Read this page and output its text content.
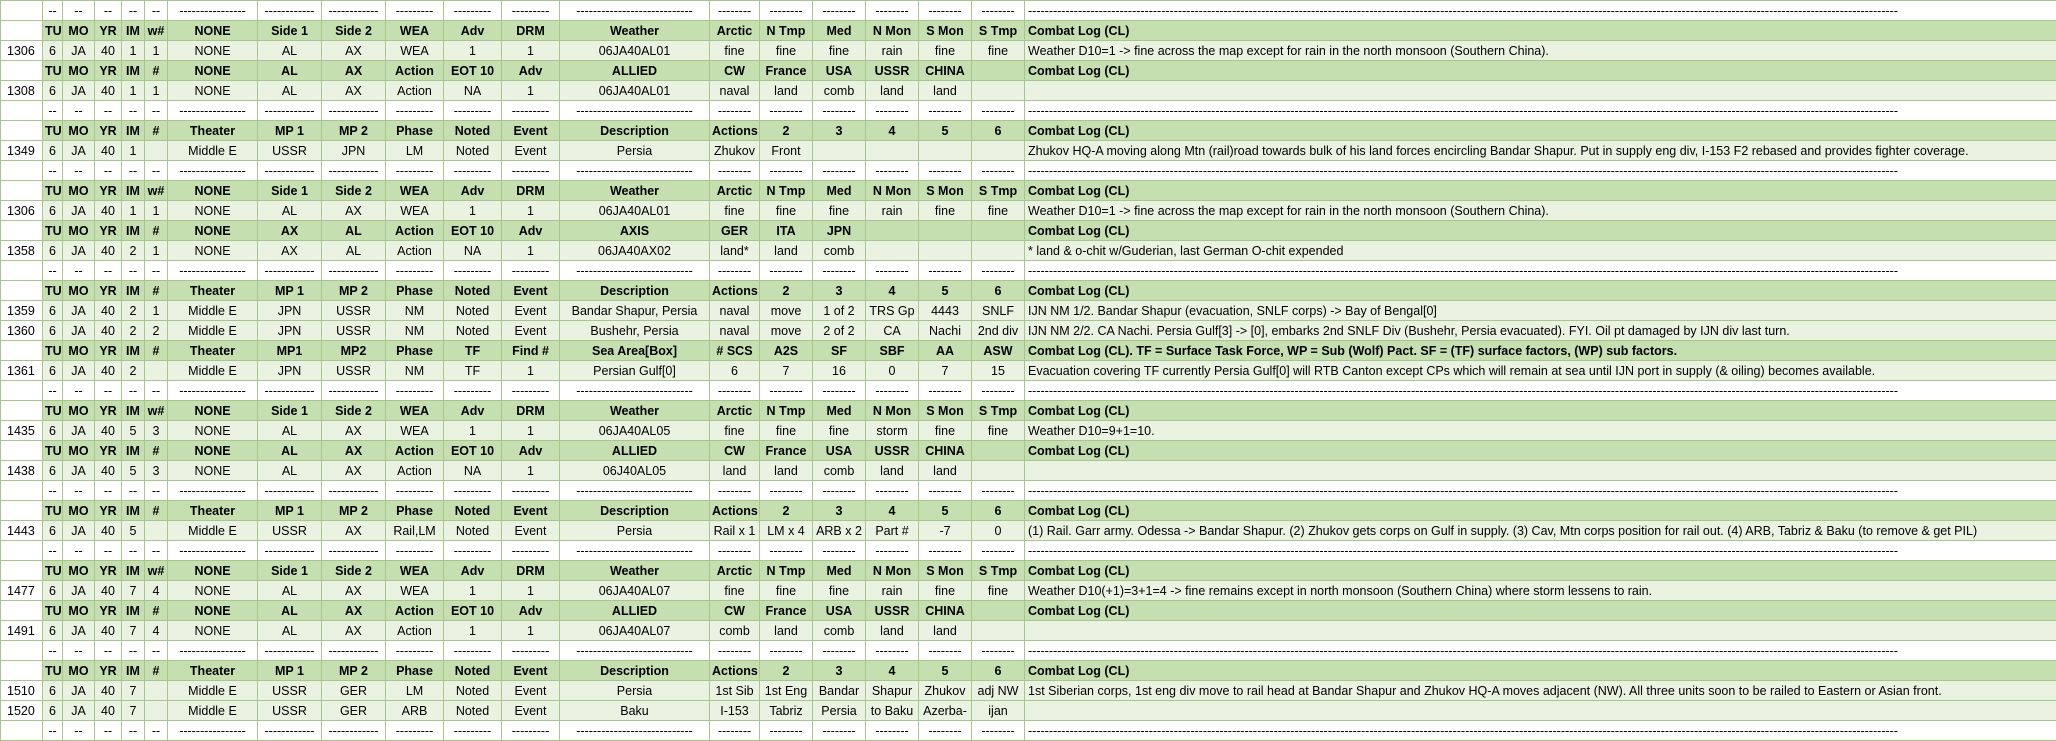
	--	--	--	--	--	----------------	------------	------------	---------	---------	---------	----------------------------	--------	--------	--------	--------	--------	--------	-----------------------------------------------------------------------------------------------------------------------------------------------------------------------------------------------------------------
	TU	MO	YR	IM	w#	NONE	Side 1	Side 2	WEA	Adv	DRM	Weather	Arctic	N Tmp	Med	N Mon	S Mon	S Tmp	Combat Log (CL)
1306	6	JA	40	1	1	NONE	AL	AX	WEA	1	1	06JA40AL01	fine	fine	fine	rain	fine	fine	Weather D10=1 -> fine across the map except for rain in the north monsoon (Southern China).
	TU	MO	YR	IM	#	NONE	AL	AX	Action	EOT 10	Adv	ALLIED	CW	France	USA	USSR	CHINA		Combat Log (CL)
1308	6	JA	40	1	1	NONE	AL	AX	Action	NA	1	06JA40AL01	naval	land	comb	land	land		
	--	--	--	--	--	----------------	------------	------------	---------	---------	---------	----------------------------	--------	--------	--------	--------	--------	--------	-----------------------------------------------------------------------------------------------------------------------------------------------------------------------------------------------------------------
	TU	MO	YR	IM	#	Theater	MP 1	MP 2	Phase	Noted	Event	Description	Actions	2	3	4	5	6	Combat Log (CL)
1349	6	JA	40	1		Middle E	USSR	JPN	LM	Noted	Event	Persia	Zhukov	Front					Zhukov HQ-A moving along Mtn (rail)road towards bulk of his land forces encircling Bandar Shapur. Put in supply eng div, I-153 F2 rebased and provides fighter coverage.
	--	--	--	--	--	----------------	------------	------------	---------	---------	---------	----------------------------	--------	--------	--------	--------	--------	--------	-----------------------------------------------------------------------------------------------------------------------------------------------------------------------------------------------------------------
	TU	MO	YR	IM	w#	NONE	Side 1	Side 2	WEA	Adv	DRM	Weather	Arctic	N Tmp	Med	N Mon	S Mon	S Tmp	Combat Log (CL)
1306	6	JA	40	1	1	NONE	AL	AX	WEA	1	1	06JA40AL01	fine	fine	fine	rain	fine	fine	Weather D10=1 -> fine across the map except for rain in the north monsoon (Southern China).
	TU	MO	YR	IM	#	NONE	AX	AL	Action	EOT 10	Adv	AXIS	GER	ITA	JPN				Combat Log (CL)
1358	6	JA	40	2	1	NONE	AX	AL	Action	NA	1	06JA40AX02	land*	land	comb				* land & o-chit w/Guderian, last German O-chit expended
	--	--	--	--	--	----------------	------------	------------	---------	---------	---------	----------------------------	--------	--------	--------	--------	--------	--------	-----------------------------------------------------------------------------------------------------------------------------------------------------------------------------------------------------------------
	TU	MO	YR	IM	#	Theater	MP 1	MP 2	Phase	Noted	Event	Description	Actions	2	3	4	5	6	Combat Log (CL)
1359	6	JA	40	2	1	Middle E	JPN	USSR	NM	Noted	Event	Bandar Shapur, Persia	naval	move	1 of 2	TRS Gp	4443	SNLF	IJN NM 1/2. Bandar Shapur (evacuation, SNLF corps) -> Bay of Bengal[0]
1360	6	JA	40	2	2	Middle E	JPN	USSR	NM	Noted	Event	Bushehr, Persia	naval	move	2 of 2	CA	Nachi	2nd div	IJN NM 2/2. CA Nachi. Persia Gulf[3] -> [0], embarks 2nd SNLF Div (Bushehr, Persia evacuated). FYI. Oil pt damaged by IJN div last turn.
	TU	MO	YR	IM	#	Theater	MP1	MP2	Phase	TF	Find #	Sea Area[Box]	# SCS	A2S	SF	SBF	AA	ASW	Combat Log (CL). TF = Surface Task Force, WP = Sub (Wolf) Pact. SF = (TF) surface factors, (WP) sub factors.
1361	6	JA	40	2		Middle E	JPN	USSR	NM	TF	1	Persian Gulf[0]	6	7	16	0	7	15	Evacuation covering TF currently Persia Gulf[0] will RTB Canton except CPs which will remain at sea until IJN port in supply (& oiling) becomes available.
	--	--	--	--	--	----------------	------------	------------	---------	---------	---------	----------------------------	--------	--------	--------	--------	--------	--------	-----------------------------------------------------------------------------------------------------------------------------------------------------------------------------------------------------------------
	TU	MO	YR	IM	w#	NONE	Side 1	Side 2	WEA	Adv	DRM	Weather	Arctic	N Tmp	Med	N Mon	S Mon	S Tmp	Combat Log (CL)
1435	6	JA	40	5	3	NONE	AL	AX	WEA	1	1	06JA40AL05	fine	fine	fine	storm	fine	fine	Weather D10=9+1=10.
	TU	MO	YR	IM	#	NONE	AL	AX	Action	EOT 10	Adv	ALLIED	CW	France	USA	USSR	CHINA		Combat Log (CL)
1438	6	JA	40	5	3	NONE	AL	AX	Action	NA	1	06J40AL05	land	land	comb	land	land		
	--	--	--	--	--	----------------	------------	------------	---------	---------	---------	----------------------------	--------	--------	--------	--------	--------	--------	-----------------------------------------------------------------------------------------------------------------------------------------------------------------------------------------------------------------
	TU	MO	YR	IM	#	Theater	MP 1	MP 2	Phase	Noted	Event	Description	Actions	2	3	4	5	6	Combat Log (CL)
1443	6	JA	40	5		Middle E	USSR	AX	Rail,LM	Noted	Event	Persia	Rail x 1	LM x 4	ARB x 2	Part #	-7	0	(1) Rail. Garr army. Odessa -> Bandar Shapur. (2) Zhukov gets corps on Gulf in supply. (3) Cav, Mtn corps position for rail out. (4) ARB, Tabriz & Baku (to remove & get PIL)
	--	--	--	--	--	----------------	------------	------------	---------	---------	---------	----------------------------	--------	--------	--------	--------	--------	--------	-----------------------------------------------------------------------------------------------------------------------------------------------------------------------------------------------------------------
	TU	MO	YR	IM	w#	NONE	Side 1	Side 2	WEA	Adv	DRM	Weather	Arctic	N Tmp	Med	N Mon	S Mon	S Tmp	Combat Log (CL)
1477	6	JA	40	7	4	NONE	AL	AX	WEA	1	1	06JA40AL07	fine	fine	fine	rain	fine	fine	Weather D10(+1)=3+1=4 -> fine remains except in north monsoon (Southern China) where storm lessens to rain.
	TU	MO	YR	IM	#	NONE	AL	AX	Action	EOT 10	Adv	ALLIED	CW	France	USA	USSR	CHINA		Combat Log (CL)
1491	6	JA	40	7	4	NONE	AL	AX	Action	1	1	06JA40AL07	comb	land	comb	land	land		
	--	--	--	--	--	----------------	------------	------------	---------	---------	---------	----------------------------	--------	--------	--------	--------	--------	--------	-----------------------------------------------------------------------------------------------------------------------------------------------------------------------------------------------------------------
	TU	MO	YR	IM	#	Theater	MP 1	MP 2	Phase	Noted	Event	Description	Actions	2	3	4	5	6	Combat Log (CL)
1510	6	JA	40	7		Middle E	USSR	GER	LM	Noted	Event	Persia	1st Sib	1st Eng	Bandar	Shapur	Zhukov	adj NW	1st Siberian corps, 1st eng div move to rail head at Bandar Shapur and Zhukov HQ-A moves adjacent (NW). All three units soon to be railed to Eastern or Asian front.
1520	6	JA	40	7		Middle E	USSR	GER	ARB	Noted	Event	Baku	I-153	Tabriz	Persia	to Baku	Azerba-	ijan	
	--	--	--	--	--	----------------	------------	------------	---------	---------	---------	----------------------------	--------	--------	--------	--------	--------	--------	-----------------------------------------------------------------------------------------------------------------------------------------------------------------------------------------------------------------
